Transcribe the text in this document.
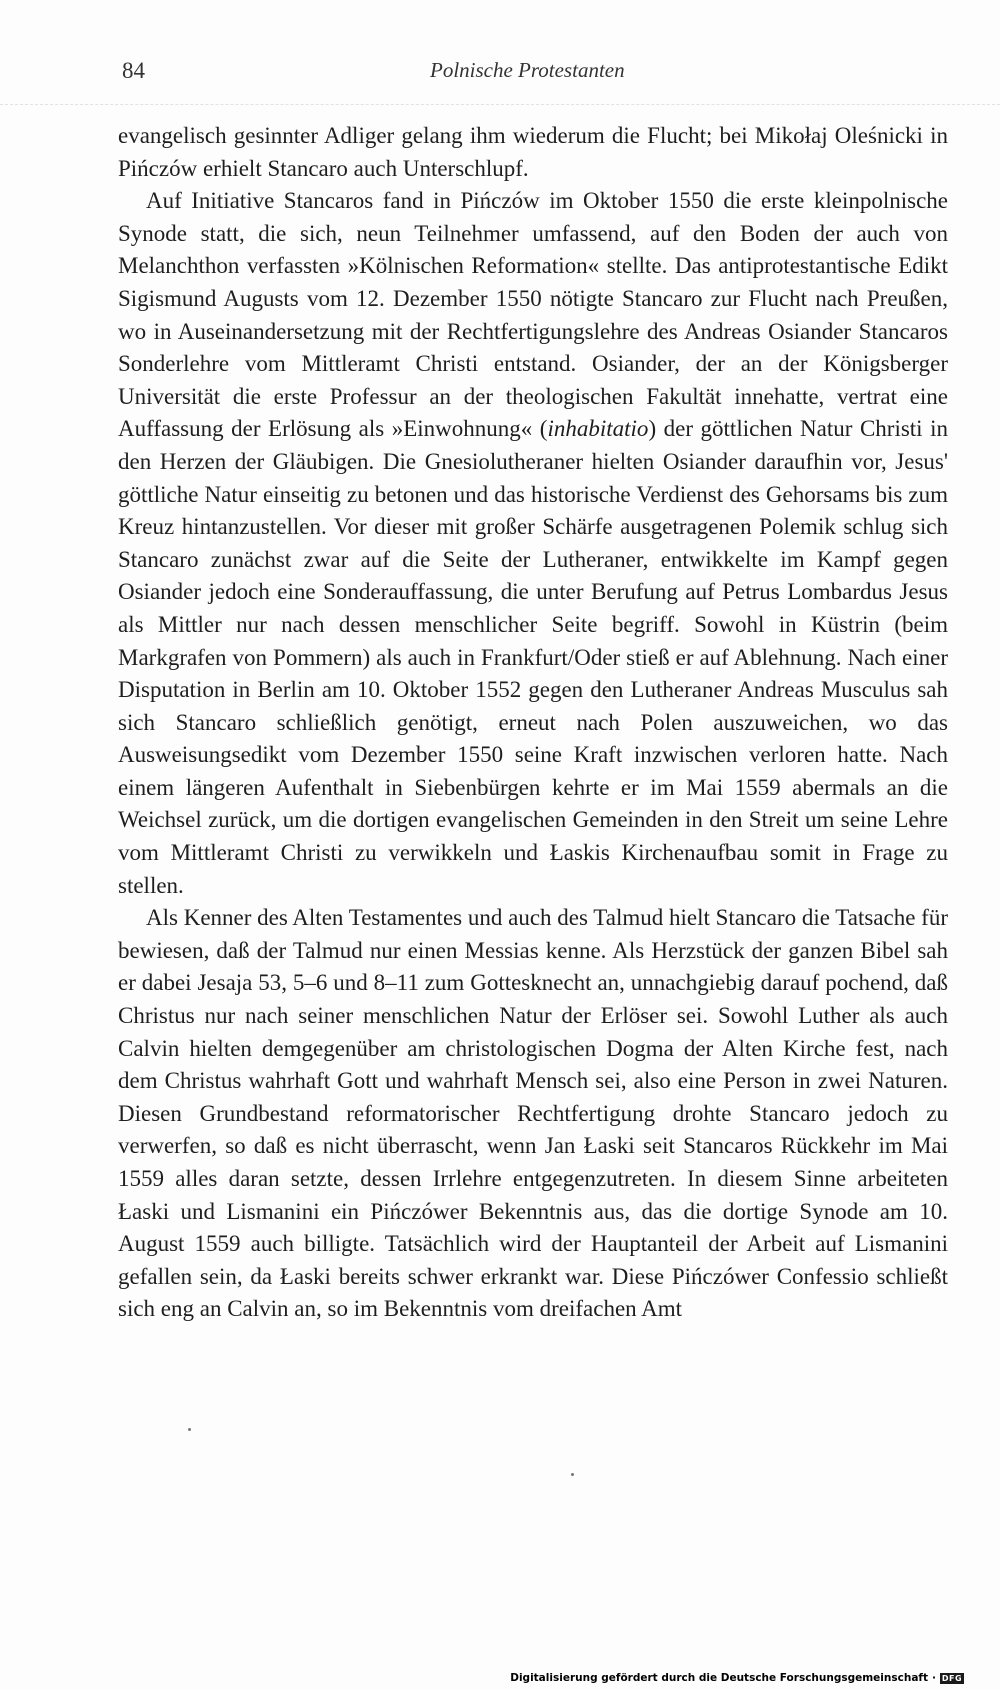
84	Polnische Protestanten

evangelisch gesinnter Adliger gelang ihm wiederum die Flucht; bei Mikołaj Oleśnicki in Pińczów erhielt Stancaro auch Unterschlupf.

Auf Initiative Stancaros fand in Pińczów im Oktober 1550 die erste kleinpolnische Synode statt, die sich, neun Teilnehmer umfassend, auf den Boden der auch von Melanchthon verfassten »Kölnischen Reformation« stellte. Das antiprotestantische Edikt Sigismund Augusts vom 12. Dezember 1550 nötigte Stancaro zur Flucht nach Preußen, wo in Auseinandersetzung mit der Rechtfertigungslehre des Andreas Osiander Stancaros Sonderlehre vom Mittleramt Christi entstand. Osiander, der an der Königsberger Universität die erste Professur an der theologischen Fakultät innehatte, vertrat eine Auffassung der Erlösung als »Einwohnung« (inhabitatio) der göttlichen Natur Christi in den Herzen der Gläubigen. Die Gnesiolutheraner hielten Osiander daraufhin vor, Jesus' göttliche Natur einseitig zu betonen und das historische Verdienst des Gehorsams bis zum Kreuz hintanzustellen. Vor dieser mit großer Schärfe ausgetragenen Polemik schlug sich Stancaro zunächst zwar auf die Seite der Lutheraner, entwikkelte im Kampf gegen Osiander jedoch eine Sonderauffassung, die unter Berufung auf Petrus Lombardus Jesus als Mittler nur nach dessen menschlicher Seite begriff. Sowohl in Küstrin (beim Markgrafen von Pommern) als auch in Frankfurt/Oder stieß er auf Ablehnung. Nach einer Disputation in Berlin am 10. Oktober 1552 gegen den Lutheraner Andreas Musculus sah sich Stancaro schließlich genötigt, erneut nach Polen auszuweichen, wo das Ausweisungsedikt vom Dezember 1550 seine Kraft inzwischen verloren hatte. Nach einem längeren Aufenthalt in Siebenbürgen kehrte er im Mai 1559 abermals an die Weichsel zurück, um die dortigen evangelischen Gemeinden in den Streit um seine Lehre vom Mittleramt Christi zu verwikkeln und Łaskis Kirchenaufbau somit in Frage zu stellen.

Als Kenner des Alten Testamentes und auch des Talmud hielt Stancaro die Tatsache für bewiesen, daß der Talmud nur einen Messias kenne. Als Herzstück der ganzen Bibel sah er dabei Jesaja 53, 5–6 und 8–11 zum Gottesknecht an, unnachgiebig darauf pochend, daß Christus nur nach seiner menschlichen Natur der Erlöser sei. Sowohl Luther als auch Calvin hielten demgegenüber am christologischen Dogma der Alten Kirche fest, nach dem Christus wahrhaft Gott und wahrhaft Mensch sei, also eine Person in zwei Naturen. Diesen Grundbestand reformatorischer Rechtfertigung drohte Stancaro jedoch zu verwerfen, so daß es nicht überrascht, wenn Jan Łaski seit Stancaros Rückkehr im Mai 1559 alles daran setzte, dessen Irrlehre entgegenzutreten. In diesem Sinne arbeiteten Łaski und Lismanini ein Pińczówer Bekenntnis aus, das die dortige Synode am 10. August 1559 auch billigte. Tatsächlich wird der Hauptanteil der Arbeit auf Lismanini gefallen sein, da Łaski bereits schwer erkrankt war. Diese Pińczówer Confessio schließt sich eng an Calvin an, so im Bekenntnis vom dreifachen Amt

Digitalisierung gefördert durch die Deutsche Forschungsgemeinschaft · DFG
